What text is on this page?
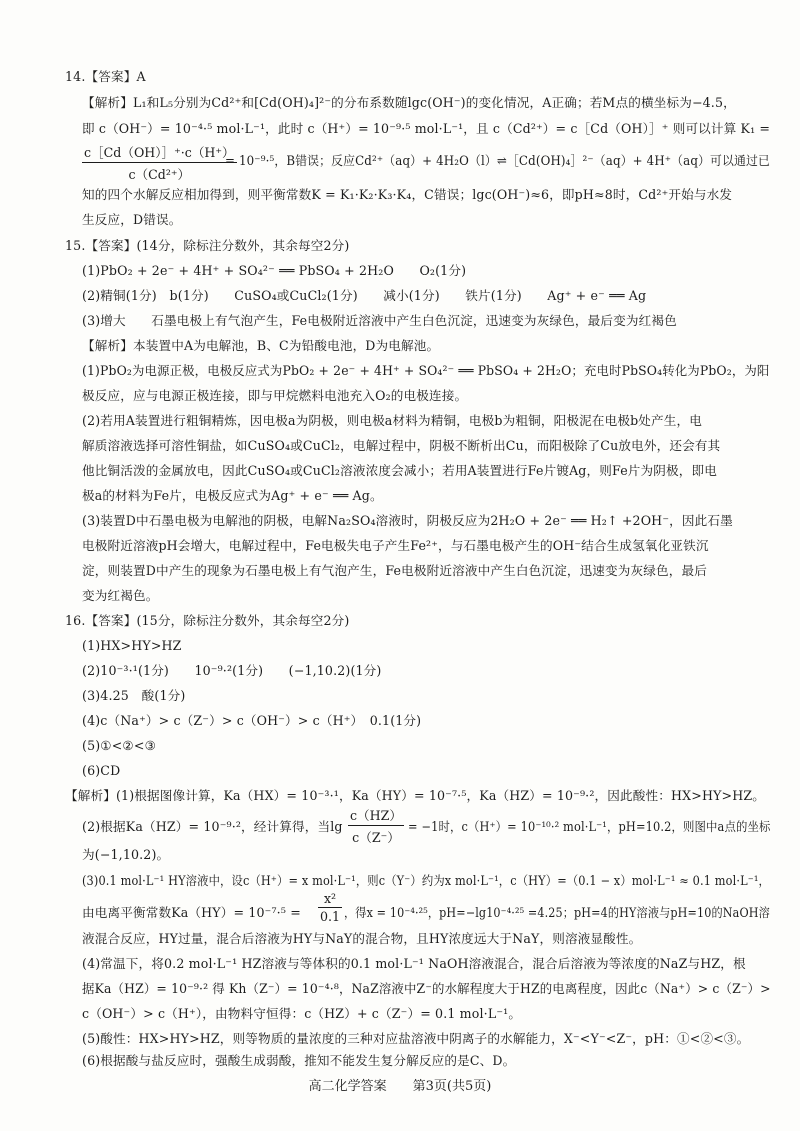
14.【答案】A
【解析】L₁和L₅分别为Cd²⁺和[Cd(OH)₄]²⁻的分布系数随lgc(OH⁻)的变化情况，A正确；若M点的横坐标为−4.5，
即 c（OH⁻）= 10⁻⁴·⁵ mol·L⁻¹，此时 c（H⁺）= 10⁻⁹·⁵ mol·L⁻¹，且 c（Cd²⁺）= c［Cd（OH）］⁺ 则可以计算 K₁ =
$\frac{c[Cd(OH)]^+\cdot c(H^+)}{\text{c（Cd²⁺）}}$
= 10⁻⁹·⁵，B错误；反应Cd²⁺（aq）+ 4H₂O（l）⇌［Cd(OH)₄］²⁻（aq）+ 4H⁺（aq）可以通过已
知的四个水解反应相加得到，则平衡常数K = K₁·K₂·K₃·K₄，C错误；lgc(OH⁻)≈6，即pH≈8时，Cd²⁺开始与水发
生反应，D错误。
15.【答案】(14分，除标注分数外，其余每空2分)
(1)PbO₂ + 2e⁻ + 4H⁺ + SO₄²⁻ ══ PbSO₄ + 2H₂O　　O₂(1分)
(2)精铜(1分)　b(1分)　　CuSO₄或CuCl₂(1分)　　减小(1分)　　铁片(1分)　　Ag⁺ + e⁻ ══ Ag
(3)增大　　石墨电极上有气泡产生，Fe电极附近溶液中产生白色沉淀，迅速变为灰绿色，最后变为红褐色
【解析】本装置中A为电解池，B、C为铅酸电池，D为电解池。
(1)PbO₂为电源正极，电极反应式为PbO₂ + 2e⁻ + 4H⁺ + SO₄²⁻ ══ PbSO₄ + 2H₂O；充电时PbSO₄转化为PbO₂，为阳
极反应，应与电源正极连接，即与甲烷燃料电池充入O₂的电极连接。
(2)若用A装置进行粗铜精炼，因电极a为阴极，则电极a材料为精铜，电极b为粗铜，阳极泥在电极b处产生，电
解质溶液选择可溶性铜盐，如CuSO₄或CuCl₂，电解过程中，阴极不断析出Cu，而阳极除了Cu放电外，还会有其
他比铜活泼的金属放电，因此CuSO₄或CuCl₂溶液浓度会减小；若用A装置进行Fe片镀Ag，则Fe片为阴极，即电
极a的材料为Fe片，电极反应式为Ag⁺ + e⁻ ══ Ag。
(3)装置D中石墨电极为电解池的阴极，电解Na₂SO₄溶液时，阴极反应为2H₂O + 2e⁻ ══ H₂↑ +2OH⁻，因此石墨
电极附近溶液pH会增大，电解过程中，Fe电极失电子产生Fe²⁺，与石墨电极产生的OH⁻结合生成氢氧化亚铁沉
淀，则装置D中产生的现象为石墨电极上有气泡产生，Fe电极附近溶液中产生白色沉淀，迅速变为灰绿色，最后
变为红褐色。
16.【答案】(15分，除标注分数外，其余每空2分)
(1)HX>HY>HZ
(2)10⁻³·¹(1分)　　10⁻⁹·²(1分)　　(−1,10.2)(1分)
(3)4.25　酸(1分)
(4)c（Na⁺）> c（Z⁻）> c（OH⁻）> c（H⁺）　0.1(1分)
(5)①<②<③
(6)CD
【解析】(1)根据图像计算，Ka（HX）= 10⁻³·¹，Ka（HY）= 10⁻⁷·⁵，Ka（HZ）= 10⁻⁹·²，因此酸性：HX>HY>HZ。
(2)根据Ka（HZ）= 10⁻⁹·²，经计算得，当$\lg \frac{c(HZ)}{c(Z^-)} = -1$时，c（H⁺）= 10⁻¹⁰·² mol·L⁻¹，pH=10.2，则图中a点的坐标
为(−1,10.2)。
(3)0.1 mol·L⁻¹ HY溶液中，设c（H⁺）= x mol·L⁻¹，则c（Y⁻）约为x mol·L⁻¹，c（HY）=（0.1 − x）mol·L⁻¹ ≈ 0.1 mol·L⁻¹，
由电离平衡常数$Ka(HY)= 10^{-7}\cdot^5 = \frac{\text{x²}}{0.1}$ ，得x = 10⁻⁴·²⁵，pH=−lg10⁻⁴·²⁵ =4.25；pH=4的HY溶液与pH=10的NaOH溶
液混合反应，HY过量，混合后溶液为HY与NaY的混合物，且HY浓度远大于NaY，则溶液显酸性。
(4)常温下，将0.2 mol·L⁻¹ HZ溶液与等体积的0.1 mol·L⁻¹ NaOH溶液混合，混合后溶液为等浓度的NaZ与HZ，根
据Ka（HZ）= 10⁻⁹·² 得 Kh（Z⁻）= 10⁻⁴·⁸，NaZ溶液中Z⁻的水解程度大于HZ的电离程度，因此c（Na⁺）> c（Z⁻）>
c（OH⁻）> c（H⁺），由物料守恒得：c（HZ）+ c（Z⁻）= 0.1 mol·L⁻¹。
(5)酸性：HX>HY>HZ，则等物质的量浓度的三种对应盐溶液中阴离子的水解能力，X⁻<Y⁻<Z⁻，pH：①<②<③。
(6)根据酸与盐反应时，强酸生成弱酸，推知不能发生复分解反应的是C、D。
高二化学答案　　第3页(共5页)
